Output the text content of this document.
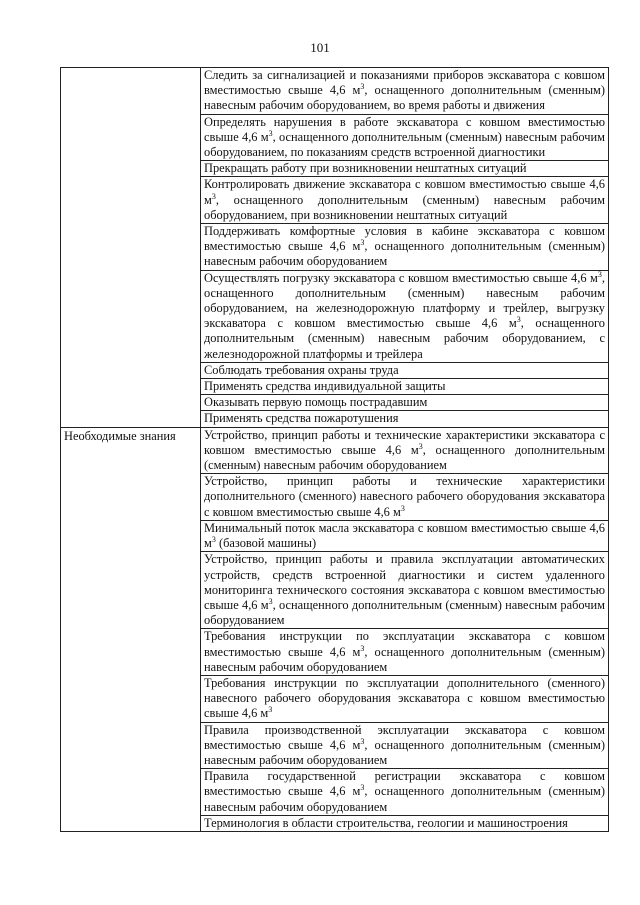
101

	Следить за сигнализацией и показаниями приборов экскаватора с ковшом вместимостью свыше 4,6 $м^3$, оснащенного дополнительным (сменным) навесным рабочим оборудованием, во время работы и движения

	Определять нарушения в работе экскаватора с ковшом вместимостью свыше 4,6 $м^3$, оснащенного дополнительным (сменным) навесным рабочим оборудованием, по показаниям средств встроенной диагностики

	Прекращать работу при возникновении нештатных ситуаций

	Контролировать движение экскаватора с ковшом вместимостью свыше 4,6 $м^3$, оснащенного дополнительным (сменным) навесным рабочим оборудованием, при возникновении нештатных ситуаций

	Поддерживать комфортные условия в кабине экскаватора с ковшом вместимостью свыше 4,6 $м^3$, оснащенного дополнительным (сменным) навесным рабочим оборудованием

	Осуществлять погрузку экскаватора с ковшом вместимостью свыше 4,6 $м^3$, оснащенного дополнительным (сменным) навесным рабочим оборудованием, на железнодорожную платформу и трейлер, выгрузку экскаватора с ковшом вместимостью свыше 4,6 $м^3$, оснащенного дополнительным (сменным) навесным рабочим оборудованием, с железнодорожной платформы и трейлера

	Соблюдать требования охраны труда

	Применять средства индивидуальной защиты

	Оказывать первую помощь пострадавшим

	Применять средства пожаротушения

Необходимые знания	Устройство, принцип работы и технические характеристики экскаватора с ковшом вместимостью свыше 4,6 $м^3$, оснащенного дополнительным (сменным) навесным рабочим оборудованием

	Устройство, принцип работы и технические характеристики дополнительного (сменного) навесного рабочего оборудования экскаватора с ковшом вместимостью свыше 4,6 $м^3$

	Минимальный поток масла экскаватора с ковшом вместимостью свыше 4,6 $м^3$ (базовой машины)

	Устройство, принцип работы и правила эксплуатации автоматических устройств, средств встроенной диагностики и систем удаленного мониторинга технического состояния экскаватора с ковшом вместимостью свыше 4,6 $м^3$, оснащенного дополнительным (сменным) навесным рабочим оборудованием

	Требования инструкции по эксплуатации экскаватора с ковшом вместимостью свыше 4,6 $м^3$, оснащенного дополнительным (сменным) навесным рабочим оборудованием

	Требования инструкции по эксплуатации дополнительного (сменного) навесного рабочего оборудования экскаватора с ковшом вместимостью свыше 4,6 $м^3$

	Правила производственной эксплуатации экскаватора с ковшом вместимостью свыше 4,6 $м^3$, оснащенного дополнительным (сменным) навесным рабочим оборудованием

	Правила государственной регистрации экскаватора с ковшом вместимостью свыше 4,6 $м^3$, оснащенного дополнительным (сменным) навесным рабочим оборудованием

	Терминология в области строительства, геологии и машиностроения
